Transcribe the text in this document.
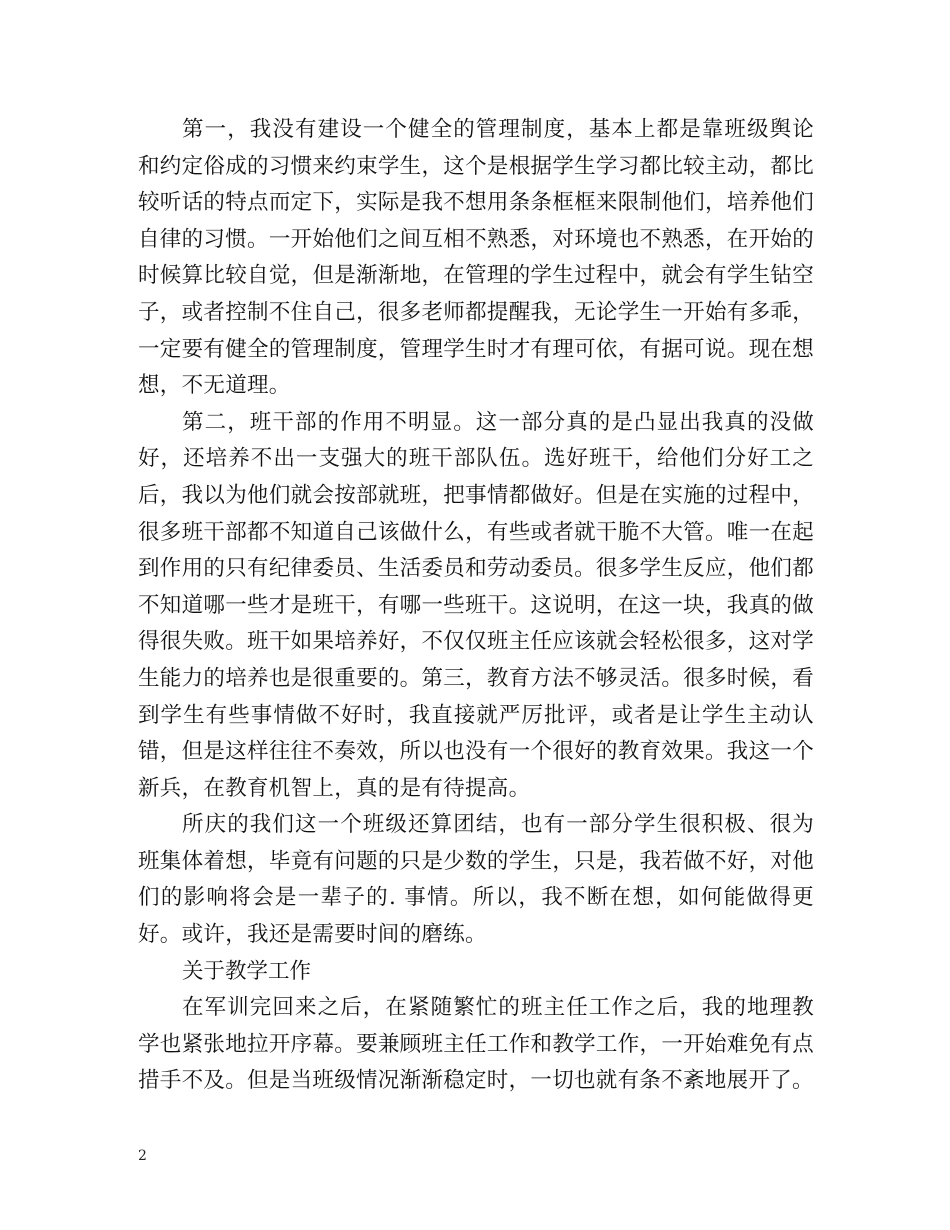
第一，我没有建设一个健全的管理制度，基本上都是靠班级舆论和约定俗成的习惯来约束学生，这个是根据学生学习都比较主动，都比较听话的特点而定下，实际是我不想用条条框框来限制他们，培养他们自律的习惯。一开始他们之间互相不熟悉，对环境也不熟悉，在开始的时候算比较自觉，但是渐渐地，在管理的学生过程中，就会有学生钻空子，或者控制不住自己，很多老师都提醒我，无论学生一开始有多乖，一定要有健全的管理制度，管理学生时才有理可依，有据可说。现在想想，不无道理。

第二，班干部的作用不明显。这一部分真的是凸显出我真的没做好，还培养不出一支强大的班干部队伍。选好班干，给他们分好工之后，我以为他们就会按部就班，把事情都做好。但是在实施的过程中，很多班干部都不知道自己该做什么，有些或者就干脆不大管。唯一在起到作用的只有纪律委员、生活委员和劳动委员。很多学生反应，他们都不知道哪一些才是班干，有哪一些班干。这说明，在这一块，我真的做得很失败。班干如果培养好，不仅仅班主任应该就会轻松很多，这对学生能力的培养也是很重要的。第三，教育方法不够灵活。很多时候，看到学生有些事情做不好时，我直接就严厉批评，或者是让学生主动认错，但是这样往往不奏效，所以也没有一个很好的教育效果。我这一个新兵，在教育机智上，真的是有待提高。

所庆的我们这一个班级还算团结，也有一部分学生很积极、很为班集体着想，毕竟有问题的只是少数的学生，只是，我若做不好，对他们的影响将会是一辈子的. 事情。所以，我不断在想，如何能做得更好。或许，我还是需要时间的磨练。

关于教学工作

在军训完回来之后，在紧随繁忙的班主任工作之后，我的地理教学也紧张地拉开序幕。要兼顾班主任工作和教学工作，一开始难免有点措手不及。但是当班级情况渐渐稳定时，一切也就有条不紊地展开了。

2
